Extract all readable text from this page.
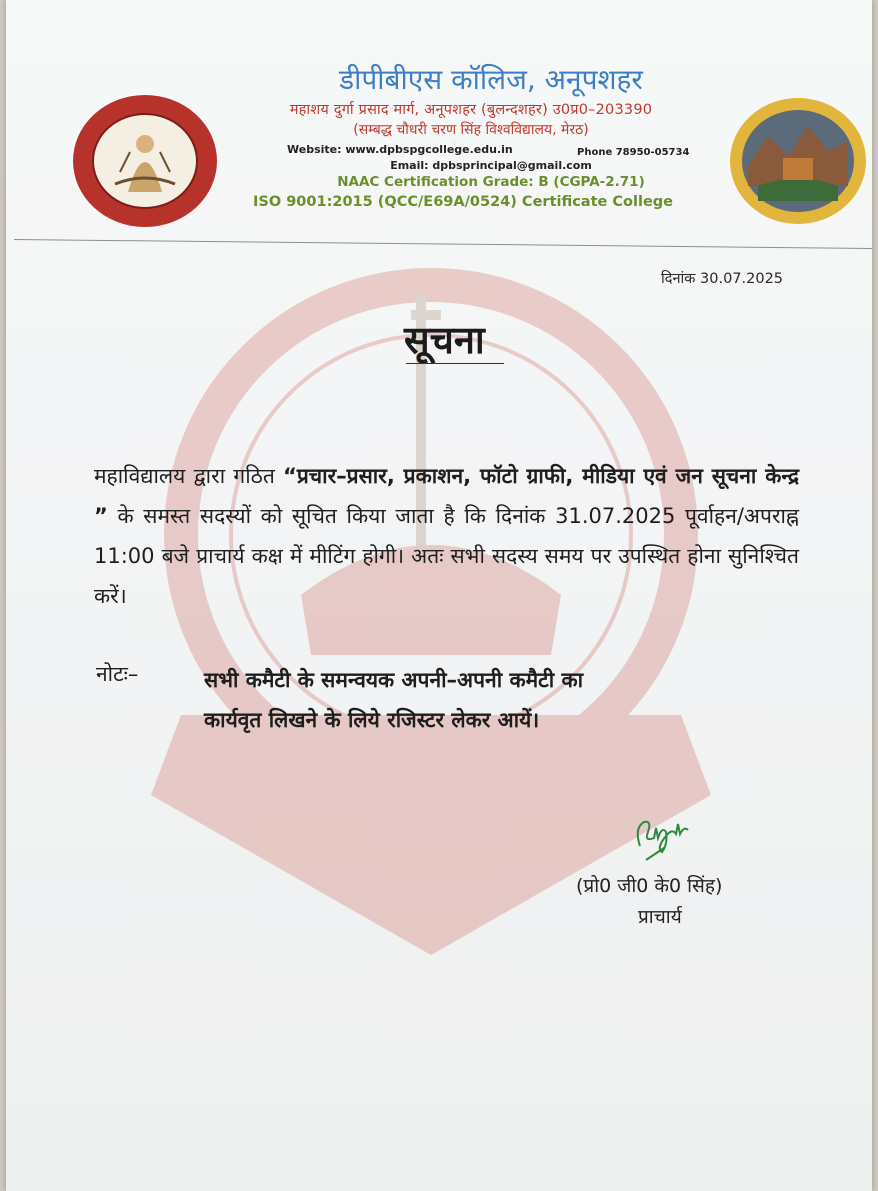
डीपीबीएस कॉलिज, अनूपशहर
महाशय दुर्गा प्रसाद मार्ग, अनूपशहर (बुलन्दशहर) उ0प्र0–203390
(सम्बद्ध चौधरी चरण सिंह विश्वविद्यालय, मेरठ)
Website: www.dpbspgcollege.edu.in	Phone 78950-05734
Email: dpbsprincipal@gmail.com
NAAC Certification Grade: B (CGPA-2.71)
ISO 9001:2015 (QCC/E69A/0524) Certificate College
दिनांक 30.07.2025
सूचना

महाविद्यालय द्वारा गठित “प्रचार–प्रसार, प्रकाशन, फॉटो ग्राफी, मीडिया एवं जन सूचना केन्द्र ” के समस्त सदस्यों को सूचित किया जाता है कि दिनांक 31.07.2025 पूर्वाहन/अपराह्न 11:00 बजे प्राचार्य कक्ष में मीटिंग होगी। अतः सभी सदस्य समय पर उपस्थित होना सुनिश्चित करें।

नोटः–	सभी कमैटी के समन्वयक अपनी–अपनी कमैटी का
कार्यवृत लिखने के लिये रजिस्टर लेकर आयें।
(प्रो0 जी0 के0 सिंह)
प्राचार्य
